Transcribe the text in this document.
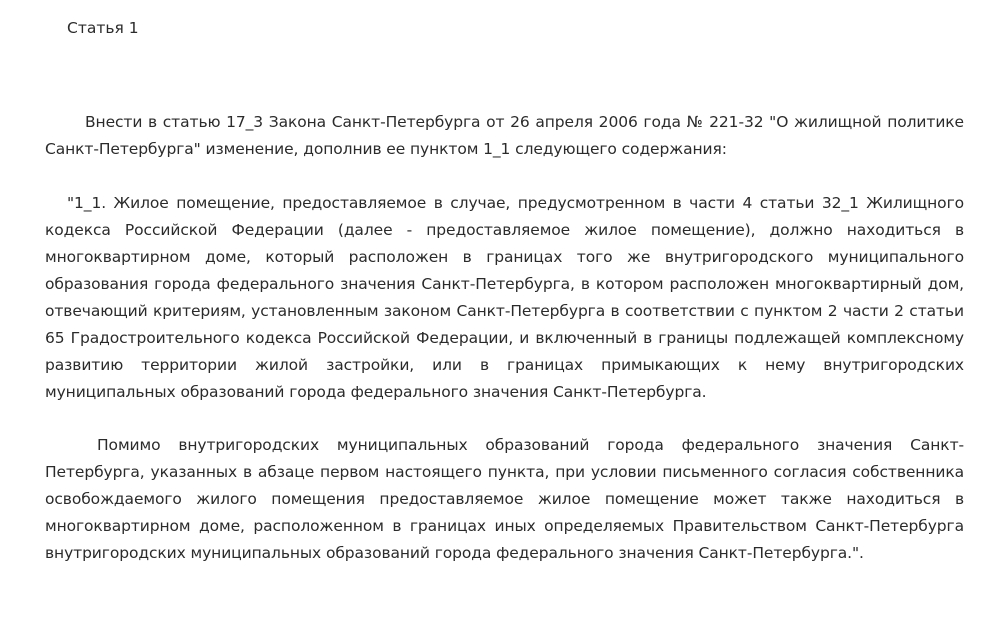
Статья 1

Внести в статью 17_3 Закона Санкт-Петербурга от 26 апреля 2006 года № 221-32 "О жилищной политике Санкт-Петербурга" изменение, дополнив ее пунктом 1_1 следующего содержания:

"1_1. Жилое помещение, предоставляемое в случае, предусмотренном в части 4 статьи 32_1 Жилищного кодекса Российской Федерации (далее - предоставляемое жилое помещение), должно находиться в многоквартирном доме, который расположен в границах того же внутригородского муниципального образования города федерального значения Санкт-Петербурга, в котором расположен многоквартирный дом, отвечающий критериям, установленным законом Санкт-Петербурга в соответствии с пунктом 2 части 2 статьи 65 Градостроительного кодекса Российской Федерации, и включенный в границы подлежащей комплексному развитию территории жилой застройки, или в границах примыкающих к нему внутригородских муниципальных образований города федерального значения Санкт-Петербурга.

Помимо внутригородских муниципальных образований города федерального значения Санкт-Петербурга, указанных в абзаце первом настоящего пункта, при условии письменного согласия собственника освобождаемого жилого помещения предоставляемое жилое помещение может также находиться в многоквартирном доме, расположенном в границах иных определяемых Правительством Санкт-Петербурга внутригородских муниципальных образований города федерального значения Санкт-Петербурга.".
